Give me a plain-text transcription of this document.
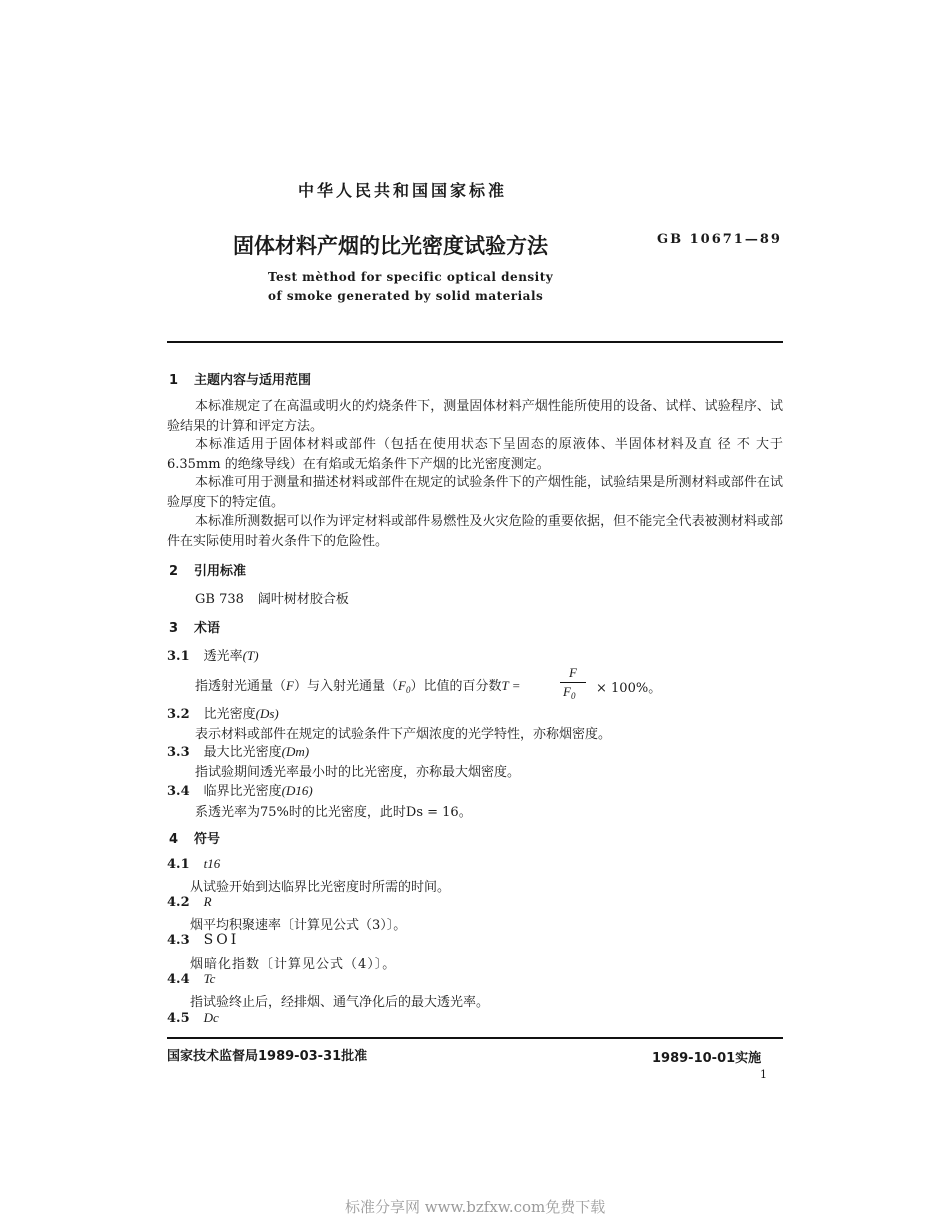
中华人民共和国国家标准
固体材料产烟的比光密度试验方法	GB 10671—89
Test mèthod for specific optical density
of smoke generated by solid materials
1 主题内容与适用范围
本标准规定了在高温或明火的灼烧条件下，测量固体材料产烟性能所使用的设备、试样、试验程序、试验结果的计算和评定方法。
本标准适用于固体材料或部件（包括在使用状态下呈固态的原液体、半固体材料及直 径 不 大于6.35mm 的绝缘导线）在有焰或无焰条件下产烟的比光密度测定。
本标准可用于测量和描述材料或部件在规定的试验条件下的产烟性能，试验结果是所测材料或部件在试验厚度下的特定值。
本标准所测数据可以作为评定材料或部件易燃性及火灾危险的重要依据，但不能完全代表被测材料或部件在实际使用时着火条件下的危险性。
2 引用标准
GB 738 阔叶树材胶合板
3 术语
3.1 透光率(T)
指透射光通量（F）与入射光通量$(F_0)$比值的百分数T =
F
$F_0 \times 100\%$。
3.2 比光密度(Ds)
表示材料或部件在规定的试验条件下产烟浓度的光学特性，亦称烟密度。
3.3 最大比光密度(Dm)
指试验期间透光率最小时的比光密度，亦称最大烟密度。
3.4 临界比光密度(D16)
系透光率为75%时的比光密度，此时Ds = 16。
4 符号
4.1 t16
从试验开始到达临界比光密度时所需的时间。
4.2 R
烟平均积聚速率〔计算见公式（3）〕。
4.3 SOI
烟暗化指数〔计算见公式（4）〕。
4.4 Tc
指试验终止后，经排烟、通气净化后的最大透光率。
4.5 Dc
国家技术监督局1989-03-31批准	1989-10-01实施
1
标准分享网 www.bzfxw.com免费下载
